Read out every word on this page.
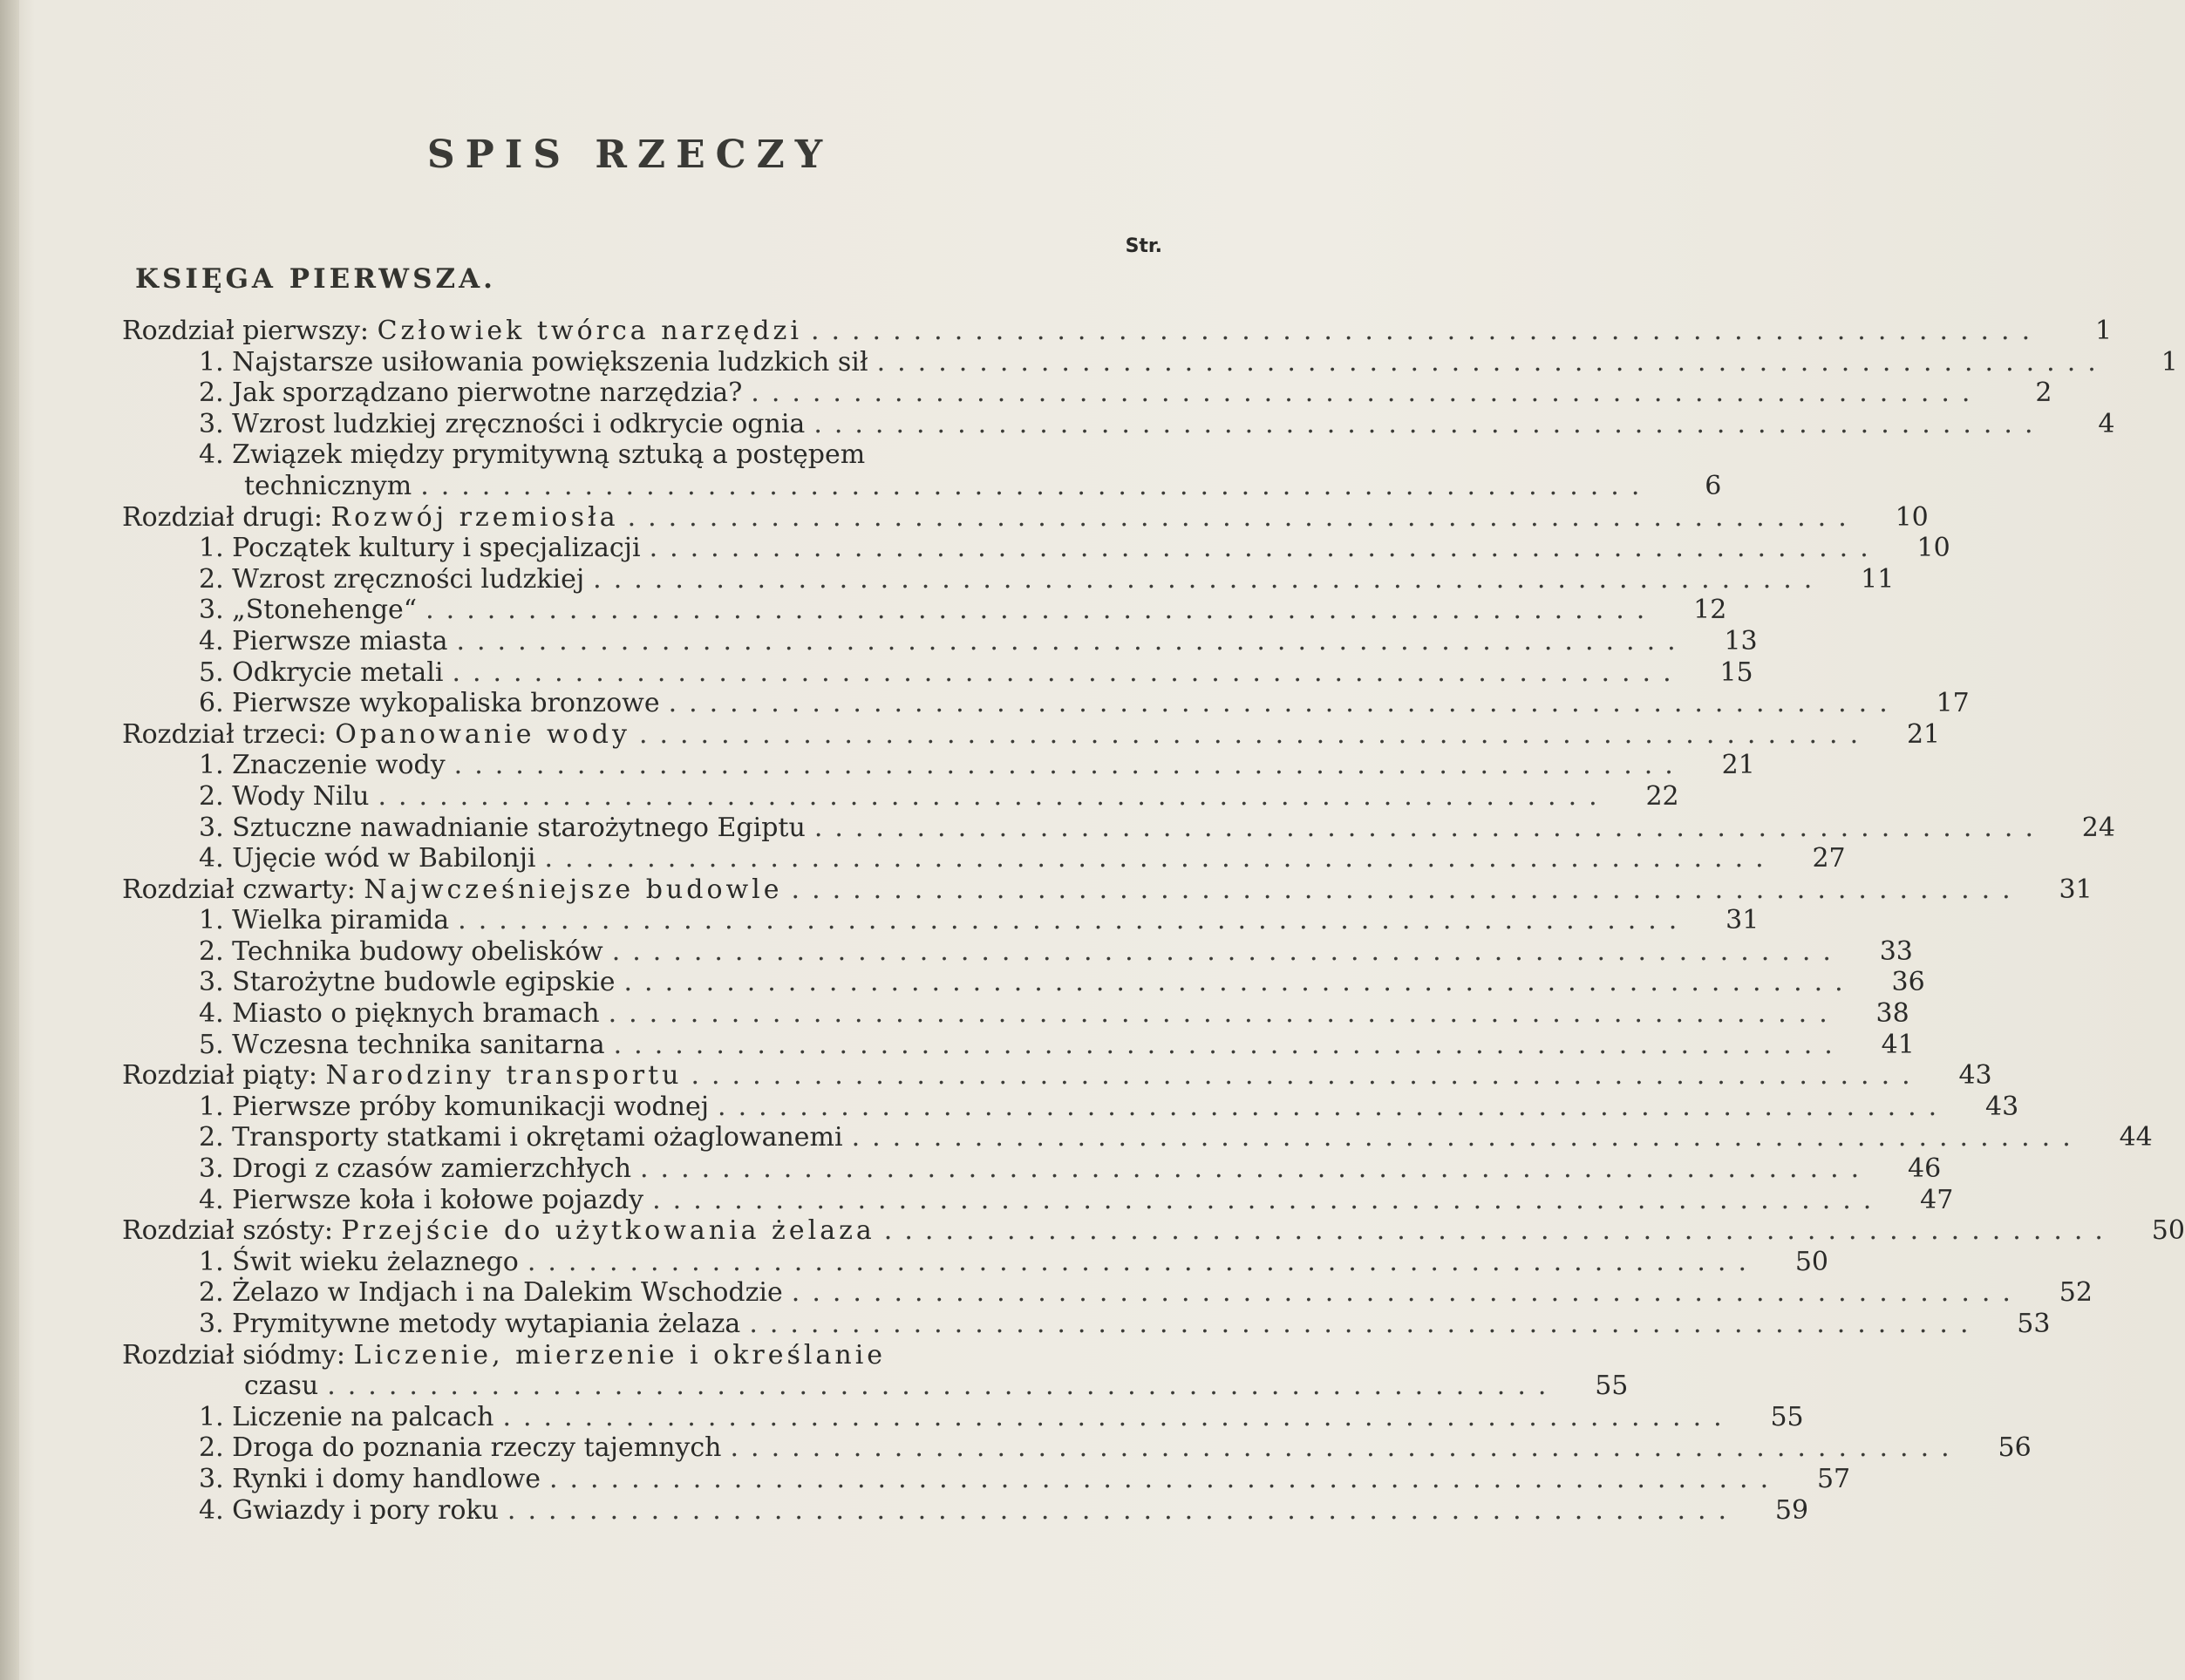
SPIS RZECZY
Str.
KSIĘGA PIERWSZA.
Rozdział pierwszy: Człowiek twórca narzędzi ............................................................	1
1. Najstarsze usiłowania powiększenia ludzkich sił ............................................................	1
2. Jak sporządzano pierwotne narzędzia? ............................................................	2
3. Wzrost ludzkiej zręczności i odkrycie ognia ............................................................	4
4. Związek między prymitywną sztuką a postępem
technicznym ............................................................	6
Rozdział drugi: Rozwój rzemiosła ............................................................	10
1. Początek kultury i specjalizacji ............................................................	10
2. Wzrost zręczności ludzkiej ............................................................	11
3. „Stonehenge“ ............................................................	12
4. Pierwsze miasta ............................................................	13
5. Odkrycie metali ............................................................	15
6. Pierwsze wykopaliska bronzowe ............................................................	17
Rozdział trzeci: Opanowanie wody ............................................................	21
1. Znaczenie wody ............................................................	21
2. Wody Nilu ............................................................	22
3. Sztuczne nawadnianie starożytnego Egiptu ............................................................	24
4. Ujęcie wód w Babilonji ............................................................	27
Rozdział czwarty: Najwcześniejsze budowle ............................................................	31
1. Wielka piramida ............................................................	31
2. Technika budowy obelisków ............................................................	33
3. Starożytne budowle egipskie ............................................................	36
4. Miasto o pięknych bramach ............................................................	38
5. Wczesna technika sanitarna ............................................................	41
Rozdział piąty: Narodziny transportu ............................................................	43
1. Pierwsze próby komunikacji wodnej ............................................................	43
2. Transporty statkami i okrętami ożaglowanemi ............................................................	44
3. Drogi z czasów zamierzchłych ............................................................	46
4. Pierwsze koła i kołowe pojazdy ............................................................	47
Rozdział szósty: Przejście do użytkowania żelaza ............................................................	50
1. Świt wieku żelaznego ............................................................	50
2. Żelazo w Indjach i na Dalekim Wschodzie ............................................................	52
3. Prymitywne metody wytapiania żelaza ............................................................	53
Rozdział siódmy: Liczenie, mierzenie i określanie
czasu ............................................................	55
1. Liczenie na palcach ............................................................	55
2. Droga do poznania rzeczy tajemnych ............................................................	56
3. Rynki i domy handlowe ............................................................	57
4. Gwiazdy i pory roku ............................................................	59
